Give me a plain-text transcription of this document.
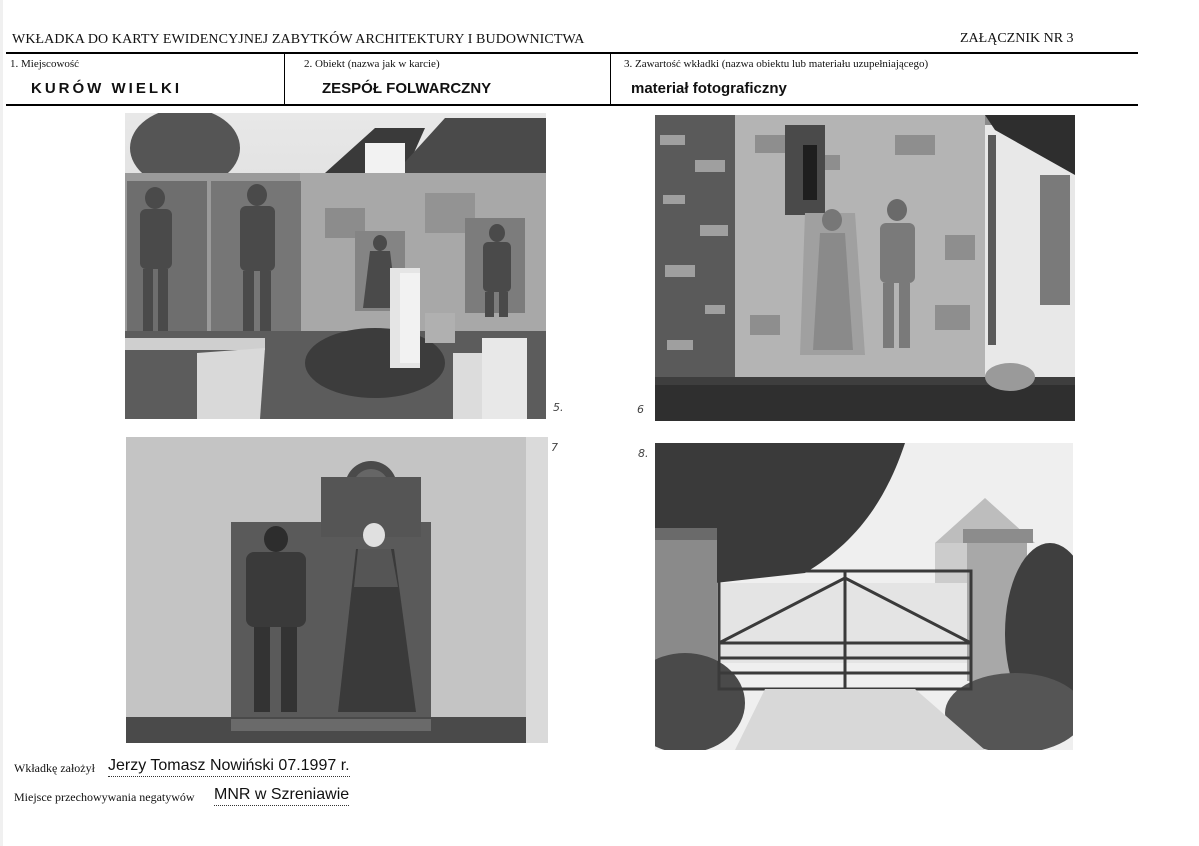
WKŁADKA DO KARTY EWIDENCYJNEJ ZABYTKÓW ARCHITEKTURY I BUDOWNICTWA	ZAŁĄCZNIK NR 3
1. Miejscowość
KURÓW WIELKI
2. Obiekt (nazwa jak w karcie)
ZESPÓŁ FOLWARCZNY
3. Zawartość wkładki (nazwa obiektu lub materiału uzupełniającego)
materiał fotograficzny
5.	6
7	8.
Wkładkę założył Jerzy Tomasz Nowiński 07.1997 r.
Miejsce przechowywania negatywów MNR w Szreniawie
